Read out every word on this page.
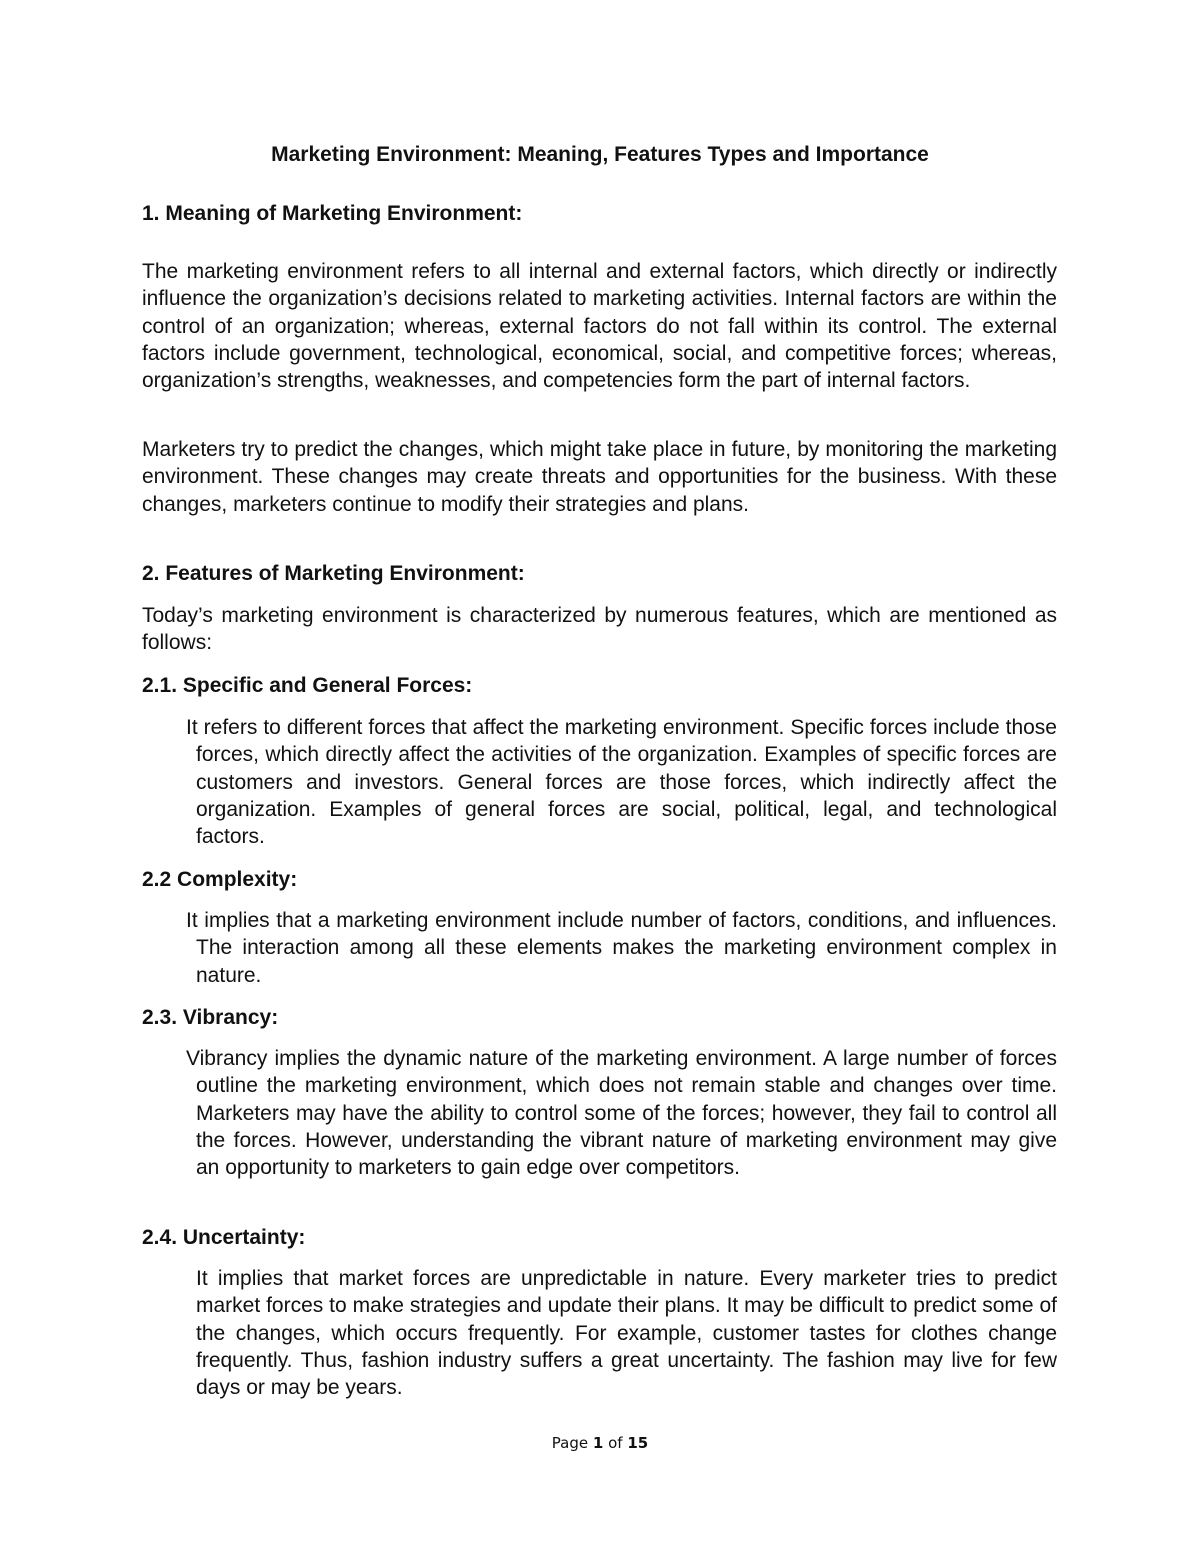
Marketing Environment: Meaning, Features Types and Importance
1. Meaning of Marketing Environment:

The marketing environment refers to all internal and external factors, which directly or indirectly influence the organization’s decisions related to marketing activities. Internal factors are within the control of an organization; whereas, external factors do not fall within its control. The external factors include government, technological, economical, social, and competitive forces; whereas, organization’s strengths, weaknesses, and competencies form the part of internal factors.

Marketers try to predict the changes, which might take place in future, by monitoring the marketing environment. These changes may create threats and opportunities for the business. With these changes, marketers continue to modify their strategies and plans.

2. Features of Marketing Environment:

Today’s marketing environment is characterized by numerous features, which are mentioned as follows:

2.1. Specific and General Forces:

It refers to different forces that affect the marketing environment. Specific forces include those forces, which directly affect the activities of the organization. Examples of specific forces are customers and investors. General forces are those forces, which indirectly affect the organization. Examples of general forces are social, political, legal, and technological factors.

2.2 Complexity:

It implies that a marketing environment include number of factors, conditions, and influences. The interaction among all these elements makes the marketing environment complex in nature.

2.3. Vibrancy:

Vibrancy implies the dynamic nature of the marketing environment. A large number of forces outline the marketing environment, which does not remain stable and changes over time. Marketers may have the ability to control some of the forces; however, they fail to control all the forces. However, understanding the vibrant nature of marketing environment may give an opportunity to marketers to gain edge over competitors.

2.4. Uncertainty:

It implies that market forces are unpredictable in nature. Every marketer tries to predict market forces to make strategies and update their plans. It may be difficult to predict some of the changes, which occurs frequently. For example, customer tastes for clothes change frequently. Thus, fashion industry suffers a great uncertainty. The fashion may live for few days or may be years.

Page 1 of 15
